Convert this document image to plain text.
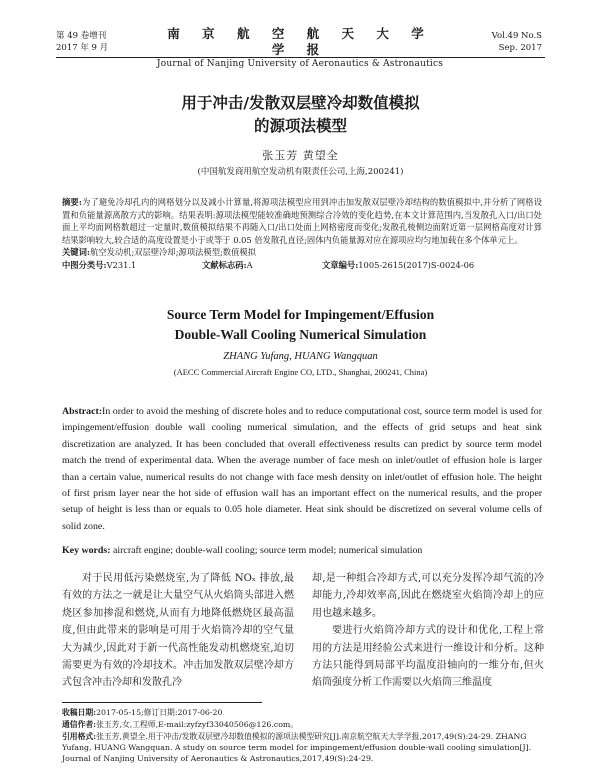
第 49 卷增刊
2017 年 9 月
南 京 航 空 航 天 大 学 学 报
Journal of Nanjing University of Aeronautics & Astronautics
Vol.49 No.S
Sep. 2017
用于冲击/发散双层壁冷却数值模拟
的源项法模型
张玉芳 黄望全
(中国航发商用航空发动机有限责任公司,上海,200241)
摘要:为了避免冷却孔内的网格划分以及减小计算量,将源项法模型应用到冲击加发散双层壁冷却结构的数值模拟中,并分析了网格设置和负能量源离散方式的影响。结果表明:源项法模型能较准确地预测综合冷效的变化趋势,在本文计算范围内,当发散孔入口/出口处面上平均面网格数超过一定量时,数值模拟结果不再随入口/出口处面上网格密度而变化;发散孔棱侧边面附近第一层网格高度对计算结果影响较大,较合适的高度设置是小于或等于 0.05 倍发散孔直径;固体内负能量源对应在源项应均匀地加载在多个体单元上。
关键词:航空发动机;双层壁冷却;源项法模型;数值模拟
中图分类号:V231.1	文献标志码:A	文章编号:1005-2615(2017)S-0024-06
Source Term Model for Impingement/Effusion
Double-Wall Cooling Numerical Simulation
ZHANG Yufang, HUANG Wangquan
(AECC Commercial Aircraft Engine CO, LTD., Shanghai, 200241, China)
Abstract:In order to avoid the meshing of discrete holes and to reduce computational cost, source term model is used for impingement/effusion double wall cooling numerical simulation, and the effects of grid setups and heat sink discretization are analyzed. It has been concluded that overall effectiveness results can predict by source term model match the trend of experimental data. When the average number of face mesh on inlet/outlet of effusion hole is larger than a certain value, numerical results do not change with face mesh density on inlet/outlet of effusion hole. The height of first prism layer near the hot side of effusion wall has an important effect on the numerical results, and the proper setup of height is less than or equals to 0.05 hole diameter. Heat sink should be discretized on several volume cells of solid zone.
Key words: aircraft engine; double-wall cooling; source term model; numerical simulation
对于民用低污染燃烧室,为了降低 NOₓ 排放,最有效的方法之一就是让大量空气从火焰筒头部进入燃烧区参加掺混和燃烧,从而有力地降低燃烧区最高温度,但由此带来的影响是可用于火焰筒冷却的空气量大为减少,因此对于新一代高性能发动机燃烧室,迫切需要更为有效的冷却技术。冲击加发散双层壁冷却方式包含冲击冷却和发散孔冷

却,是一种组合冷却方式,可以充分发挥冷却气流的冷却能力,冷却效率高,因此在燃烧室火焰筒冷却上的应用也越来越多。

要进行火焰筒冷却方式的设计和优化,工程上常用的方法是用经验公式来进行一维设计和分析。这种方法只能得到局部平均温度沿轴向的一维分布,但火焰筒强度分析工作需要以火焰筒三维温度

收稿日期:2017-05-15;修订日期:2017-06-20
通信作者:张玉芳,女,工程师,E-mail:zyfzyf33040506@126.com。
引用格式:张玉芳,黄望全.用于冲击/发散双层壁冷却数值模拟的源项法模型研究[J].南京航空航天大学学报,2017,49(S):24-29. ZHANG Yufang, HUANG Wangquan. A study on source term model for impingement/effusion double-wall cooling simulation[J]. Journal of Nanjing University of Aeronautics & Astronautics,2017,49(S):24-29.
